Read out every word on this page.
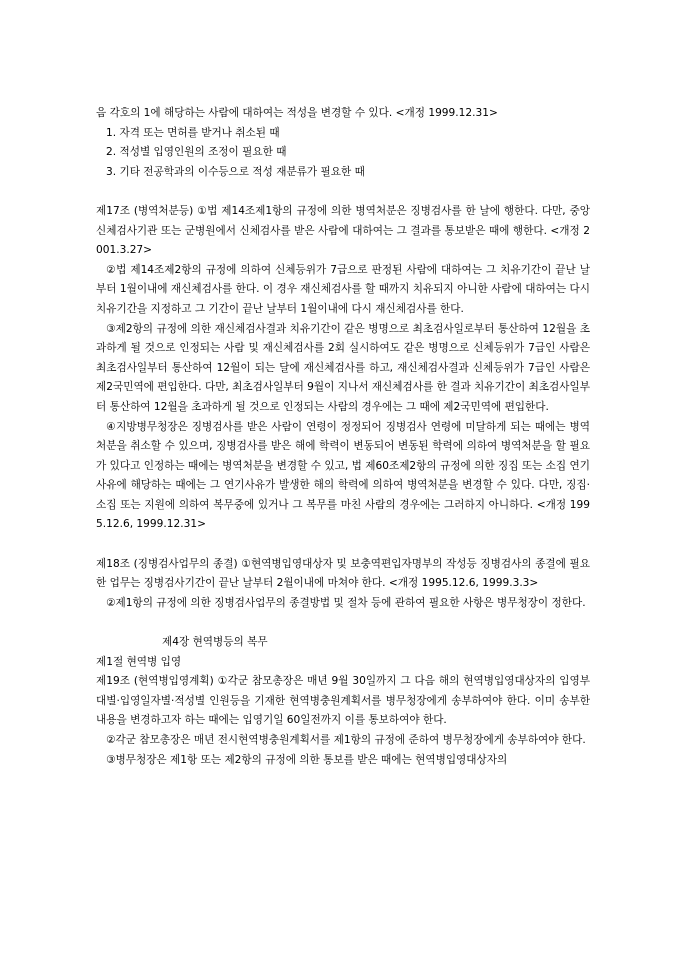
음 각호의 1에 해당하는 사람에 대하여는 적성을 변경할 수 있다. <개정 1999.12.31>

1. 자격 또는 면허를 받거나 취소된 때

2. 적성별 입영인원의 조정이 필요한 때

3. 기타 전공학과의 이수등으로 적성 재분류가 필요한 때

제17조 (병역처분등) ①법 제14조제1항의 규정에 의한 병역처분은 징병검사를 한 날에 행한다. 다만, 중앙신체검사기관 또는 군병원에서 신체검사를 받은 사람에 대하여는 그 결과를 통보받은 때에 행한다. <개정 2001.3.27>

②법 제14조제2항의 규정에 의하여 신체등위가 7급으로 판정된 사람에 대하여는 그 치유기간이 끝난 날부터 1월이내에 재신체검사를 한다. 이 경우 재신체검사를 할 때까지 치유되지 아니한 사람에 대하여는 다시 치유기간을 지정하고 그 기간이 끝난 날부터 1월이내에 다시 재신체검사를 한다.

③제2항의 규정에 의한 재신체검사결과 치유기간이 같은 병명으로 최초검사일로부터 통산하여 12월을 초과하게 될 것으로 인정되는 사람 및 재신체검사를 2회 실시하여도 같은 병명으로 신체등위가 7급인 사람은 최초검사일부터 통산하여 12월이 되는 달에 재신체검사를 하고, 재신체검사결과 신체등위가 7급인 사람은 제2국민역에 편입한다. 다만, 최초검사일부터 9월이 지나서 재신체검사를 한 결과 치유기간이 최초검사일부터 통산하여 12월을 초과하게 될 것으로 인정되는 사람의 경우에는 그 때에 제2국민역에 편입한다.

④지방병무청장은 징병검사를 받은 사람이 연령이 정정되어 징병검사 연령에 미달하게 되는 때에는 병역처분을 취소할 수 있으며, 징병검사를 받은 해에 학력이 변동되어 변동된 학력에 의하여 병역처분을 할 필요가 있다고 인정하는 때에는 병역처분을 변경할 수 있고, 법 제60조제2항의 규정에 의한 징집 또는 소집 연기사유에 해당하는 때에는 그 연기사유가 발생한 해의 학력에 의하여 병역처분을 변경할 수 있다. 다만, 징집·소집 또는 지원에 의하여 복무중에 있거나 그 복무를 마친 사람의 경우에는 그러하지 아니하다. <개정 1995.12.6, 1999.12.31>

제18조 (징병검사업무의 종결) ①현역병입영대상자 및 보충역편입자명부의 작성등 징병검사의 종결에 필요한 업무는 징병검사기간이 끝난 날부터 2월이내에 마쳐야 한다. <개정 1995.12.6, 1999.3.3>

②제1항의 규정에 의한 징병검사업무의 종결방법 및 절차 등에 관하여 필요한 사항은 병무청장이 정한다.

제4장 현역병등의 복무

제1절 현역병 입영

제19조 (현역병입영계획) ①각군 참모총장은 매년 9월 30일까지 그 다음 해의 현역병입영대상자의 입영부대별·입영일자별·적성별 인원등을 기재한 현역병충원계획서를 병무청장에게 송부하여야 한다. 이미 송부한 내용을 변경하고자 하는 때에는 입영기일 60일전까지 이를 통보하여야 한다.

②각군 참모총장은 매년 전시현역병충원계획서를 제1항의 규정에 준하여 병무청장에게 송부하여야 한다.

③병무청장은 제1항 또는 제2항의 규정에 의한 통보를 받은 때에는 현역병입영대상자의
